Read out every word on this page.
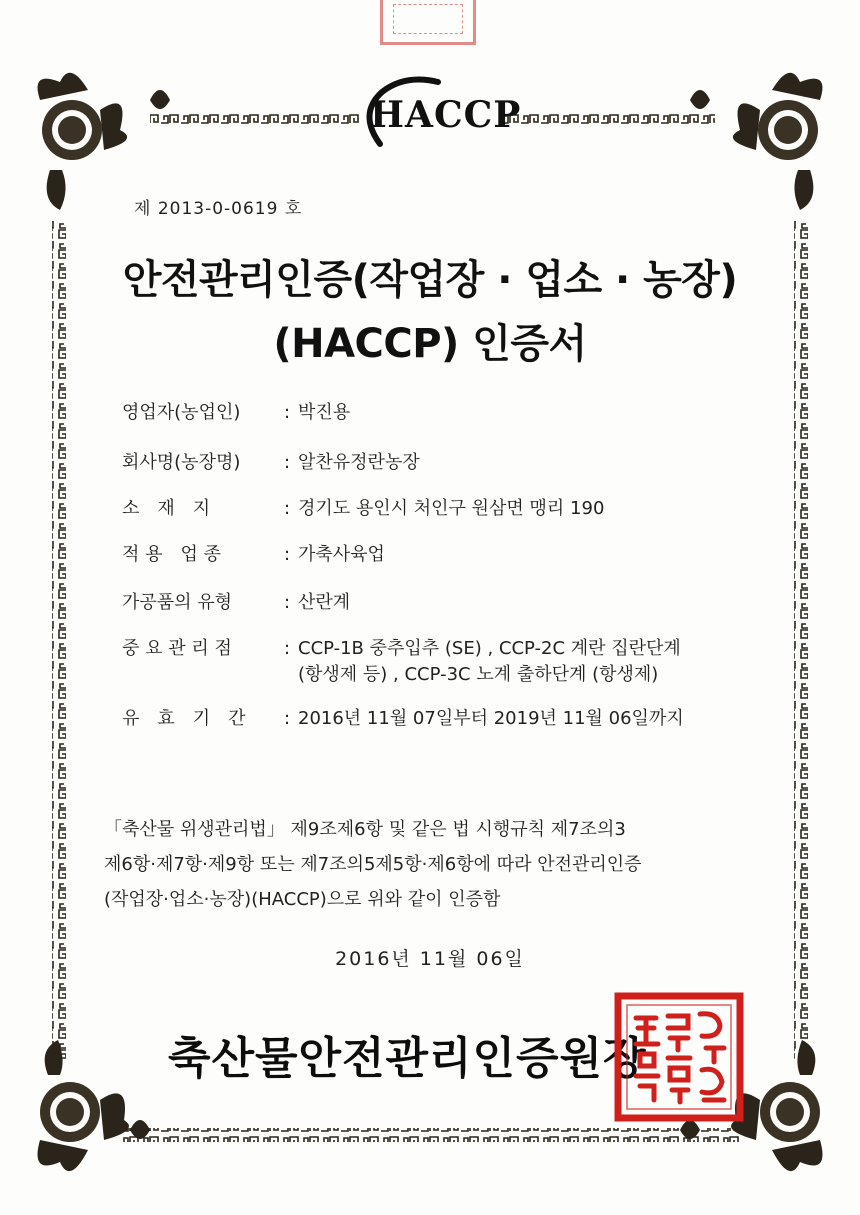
HACCP
제 2013-0-0619 호
안전관리인증(작업장 · 업소 · 농장)
(HACCP) 인증서
영업자(농업인)	: 박진용
회사명(농장명)	: 알찬유정란농장
소　재　지	: 경기도 용인시 처인구 원삼면 맹리 190
적 용　업 종	: 가축사육업
가공품의 유형	: 산란계
중 요 관 리 점	: CCP-1B 중추입추 (SE) , CCP-2C 계란 집란단계
(항생제 등) , CCP-3C 노계 출하단계 (항생제)
유　효　기　간	: 2016년 11월 07일부터 2019년 11월 06일까지
「축산물 위생관리법」 제9조제6항 및 같은 법 시행규칙 제7조의3
제6항·제7항·제9항 또는 제7조의5제5항·제6항에 따라 안전관리인증
(작업장·업소·농장)(HACCP)으로 위와 같이 인증함
2016년 11월 06일
축산물안전관리인증원장
